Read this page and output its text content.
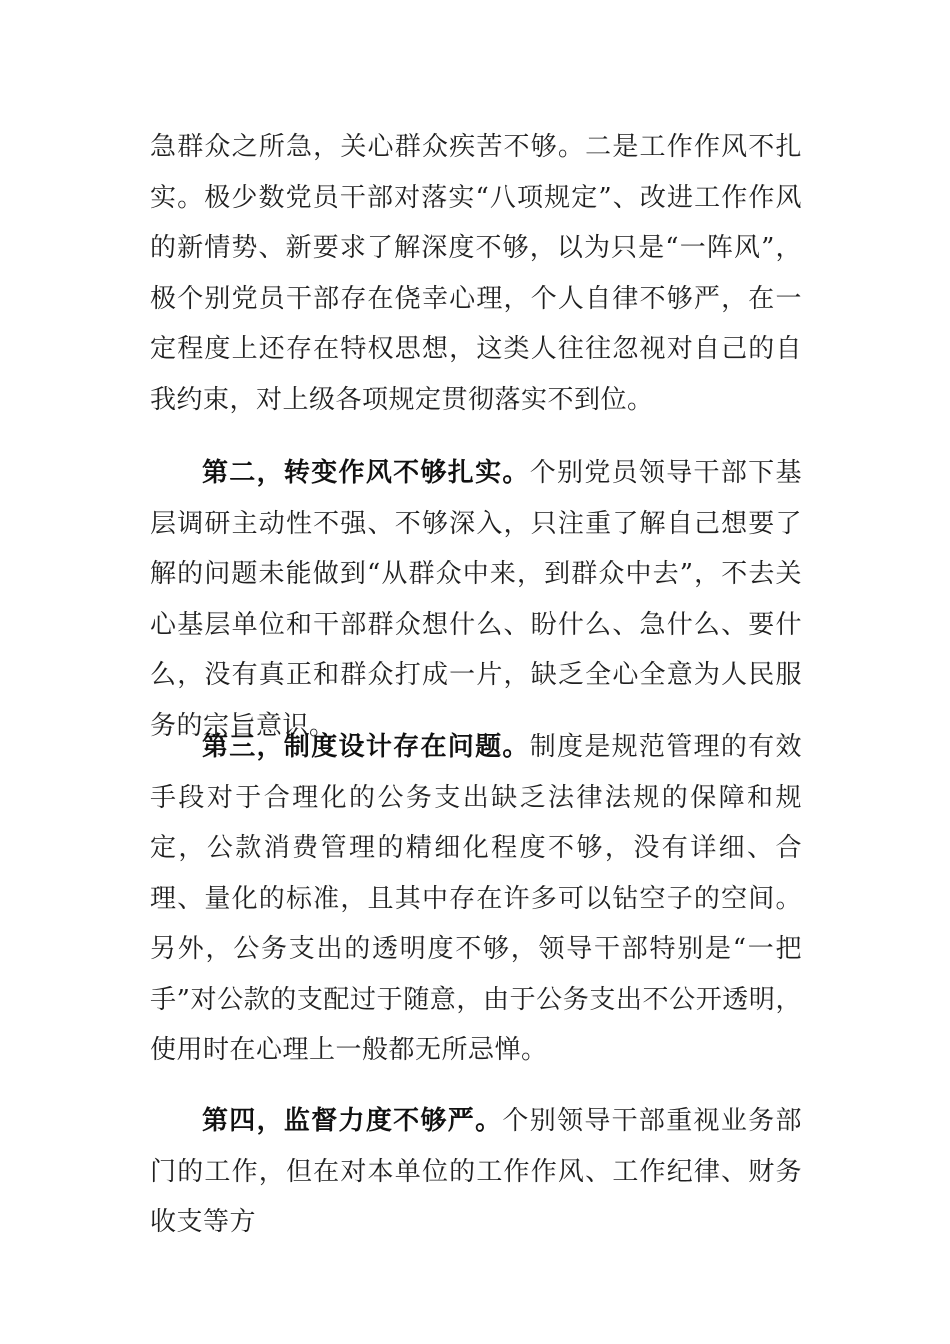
急群众之所急，关心群众疾苦不够。二是工作作风不扎实。极少数党员干部对落实“八项规定”、改进工作作风的新情势、新要求了解深度不够，以为只是“一阵风”，极个别党员干部存在侥幸心理，个人自律不够严，在一定程度上还存在特权思想，这类人往往忽视对自己的自我约束，对上级各项规定贯彻落实不到位。

第二，转变作风不够扎实。个别党员领导干部下基层调研主动性不强、不够深入，只注重了解自己想要了解的问题未能做到“从群众中来，到群众中去”，不去关心基层单位和干部群众想什么、盼什么、急什么、要什么，没有真正和群众打成一片，缺乏全心全意为人民服务的宗旨意识。

第三，制度设计存在问题。制度是规范管理的有效手段对于合理化的公务支出缺乏法律法规的保障和规定，公款消费管理的精细化程度不够，没有详细、合理、量化的标准，且其中存在许多可以钻空子的空间。另外，公务支出的透明度不够，领导干部特别是“一把手”对公款的支配过于随意，由于公务支出不公开透明，使用时在心理上一般都无所忌惮。

第四，监督力度不够严。个别领导干部重视业务部门的工作，但在对本单位的工作作风、工作纪律、财务收支等方
